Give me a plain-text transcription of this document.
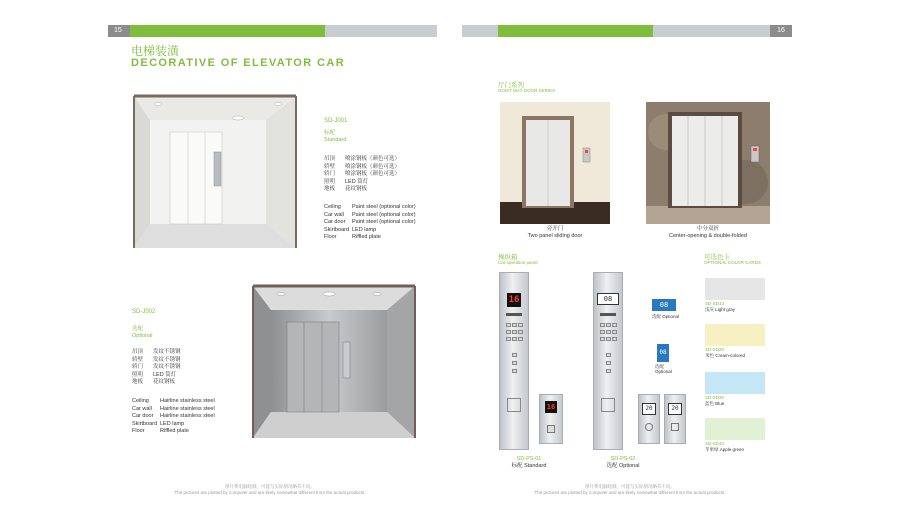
15	16
电梯装潢
DECORATIVE OF ELEVATOR CAR
SD-J001
标配
Standard
吊顶	喷涂钢板（颜色可选）
轿壁	喷涂钢板（颜色可选）
轿门	喷涂钢板（颜色可选）
照明	LED 筒灯
地板	花纹钢板
Ceiling	Paint steel (optional color)
Car wall	Paint steel (optional color)
Car door	Paint steel (optional color)
Skirtboard LED lamp
Floor	Riffled plate
SD-J002
选配
Optional
吊顶	发纹不锈钢
轿壁	发纹不锈钢
轿门	发纹不锈钢
照明	LED 筒灯
地板	花纹钢板
Ceiling	Hairline stainless steel
Car wall	Hairline stainless steel
Car door	Hairline stainless steel
Skirtboard LED lamp
Floor	Riffled plate
厅门系列
HOIST WAY DOOR SERIES
旁开门
Two panel sliding door
中分双折
Center-opening & double-folded
操纵箱
Car operation panel
16
16
SD-PS-01
标配 Standard
08
08
选配 Optional
08
选配
Optional
20	20
SD-PS-02
选配 Optional
可选色卡
OPTIONAL COLOR CARDS
SD-SD10
浅灰 Light gray
SD-SD20
米色 Cream-colored
SD-SD30
蓝色 Blue
SD-SD40
苹果绿 Apple green
图片系电脑绘制，可能与实际情况略有不同。
The pictures are plotted by computer and are likely somewhat different from the actual products.
图片系电脑绘制，可能与实际情况略有不同。
The pictures are plotted by computer and are likely somewhat different from the actual products.
